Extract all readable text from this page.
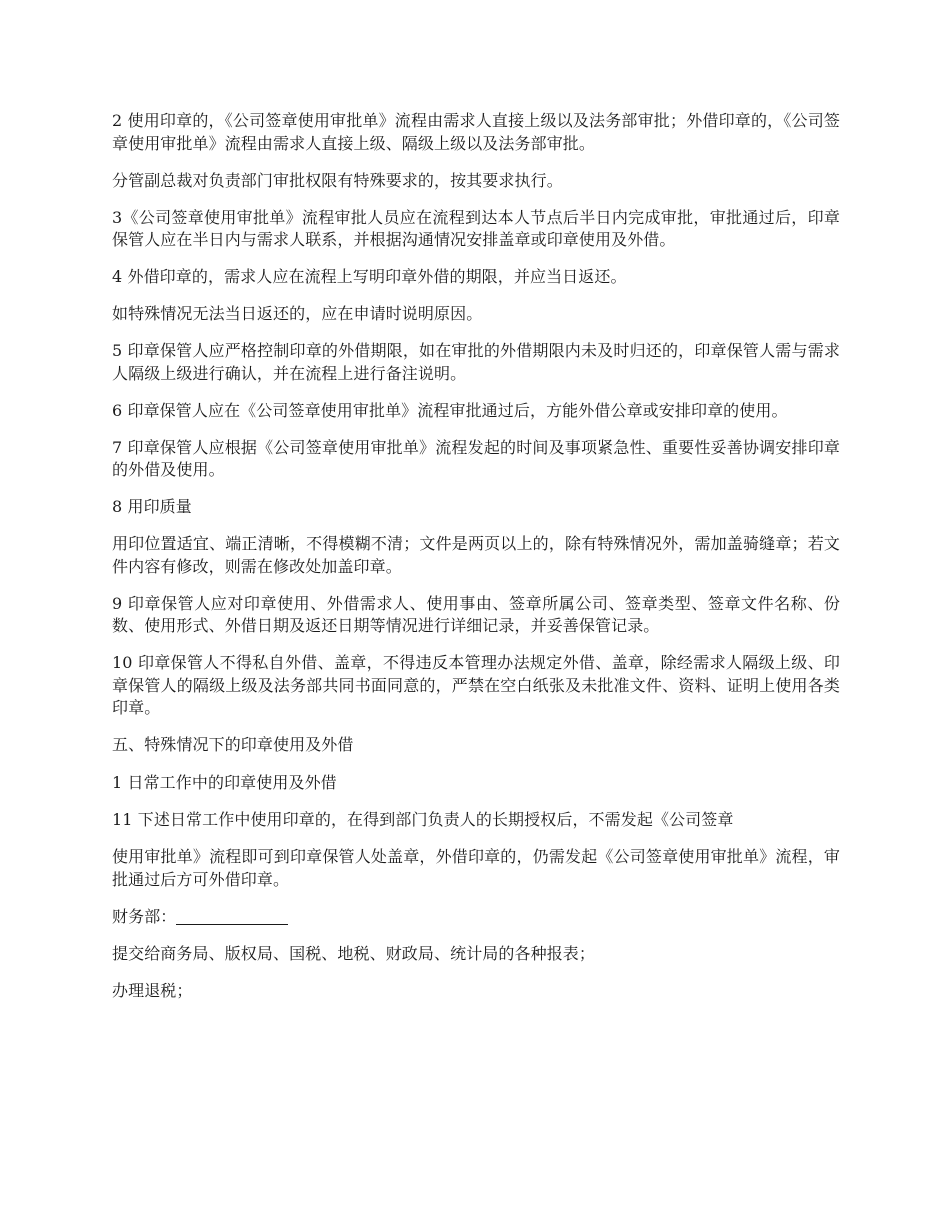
2 使用印章的，《公司签章使用审批单》流程由需求人直接上级以及法务部审批；外借印章的，《公司签章使用审批单》流程由需求人直接上级、隔级上级以及法务部审批。

分管副总裁对负责部门审批权限有特殊要求的，按其要求执行。

3《公司签章使用审批单》流程审批人员应在流程到达本人节点后半日内完成审批，审批通过后，印章保管人应在半日内与需求人联系，并根据沟通情况安排盖章或印章使用及外借。

4 外借印章的，需求人应在流程上写明印章外借的期限，并应当日返还。

如特殊情况无法当日返还的，应在申请时说明原因。

5 印章保管人应严格控制印章的外借期限，如在审批的外借期限内未及时归还的，印章保管人需与需求人隔级上级进行确认，并在流程上进行备注说明。

6 印章保管人应在《公司签章使用审批单》流程审批通过后，方能外借公章或安排印章的使用。

7 印章保管人应根据《公司签章使用审批单》流程发起的时间及事项紧急性、重要性妥善协调安排印章的外借及使用。

8 用印质量

用印位置适宜、端正清晰，不得模糊不清；文件是两页以上的，除有特殊情况外，需加盖骑缝章；若文件内容有修改，则需在修改处加盖印章。

9 印章保管人应对印章使用、外借需求人、使用事由、签章所属公司、签章类型、签章文件名称、份数、使用形式、外借日期及返还日期等情况进行详细记录，并妥善保管记录。

10 印章保管人不得私自外借、盖章，不得违反本管理办法规定外借、盖章，除经需求人隔级上级、印章保管人的隔级上级及法务部共同书面同意的，严禁在空白纸张及未批准文件、资料、证明上使用各类印章。

五、特殊情况下的印章使用及外借

1 日常工作中的印章使用及外借

11 下述日常工作中使用印章的，在得到部门负责人的长期授权后，不需发起《公司签章

使用审批单》流程即可到印章保管人处盖章，外借印章的，仍需发起《公司签章使用审批单》流程，审批通过后方可外借印章。

财务部：

提交给商务局、版权局、国税、地税、财政局、统计局的各种报表；

办理退税；
